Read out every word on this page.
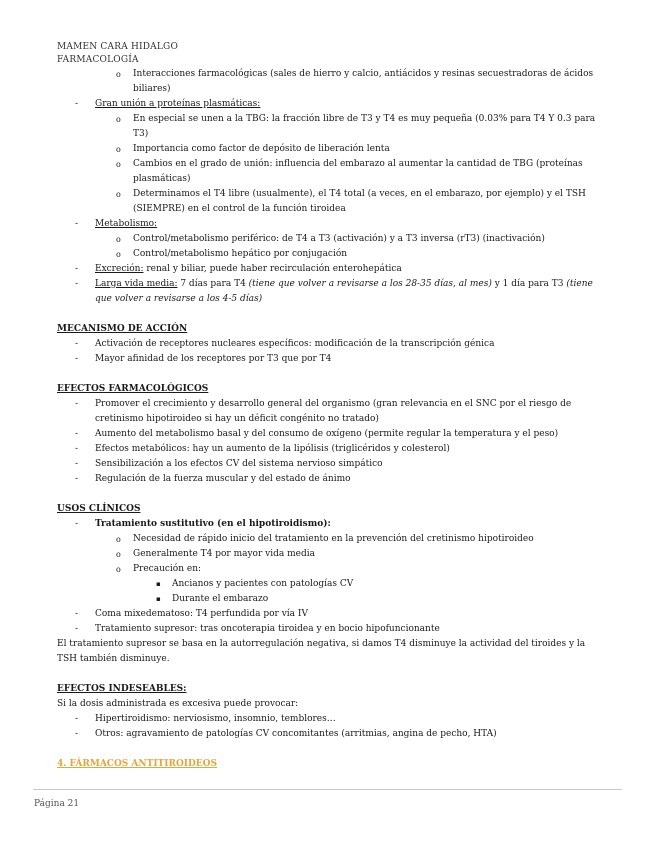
MAMEN CARA HIDALGO
FARMACOLOGÍA
o Interacciones farmacológicas (sales de hierro y calcio, antiácidos y resinas secuestradoras de ácidos biliares)
- Gran unión a proteínas plasmáticas:
o En especial se unen a la TBG: la fracción libre de T3 y T4 es muy pequeña (0.03% para T4 Y 0.3 para T3)
o Importancia como factor de depósito de liberación lenta
o Cambios en el grado de unión: influencia del embarazo al aumentar la cantidad de TBG (proteínas plasmáticas)
o Determinamos el T4 libre (usualmente), el T4 total (a veces, en el embarazo, por ejemplo) y el TSH (SIEMPRE) en el control de la función tiroidea
- Metabolismo:
o Control/metabolismo periférico: de T4 a T3 (activación) y a T3 inversa (rT3) (inactivación)
o Control/metabolismo hepático por conjugación
- Excreción: renal y biliar, puede haber recirculación enterohepática
- Larga vida media: 7 días para T4 (tiene que volver a revisarse a los 28-35 días, al mes) y 1 día para T3 (tiene que volver a revisarse a los 4-5 días)
MECANISMO DE ACCIÓN
- Activación de receptores nucleares específicos: modificación de la transcripción génica
- Mayor afinidad de los receptores por T3 que por T4
EFECTOS FARMACOLÓGICOS
- Promover el crecimiento y desarrollo general del organismo (gran relevancia en el SNC por el riesgo de cretinismo hipotiroideo si hay un déficit congénito no tratado)
- Aumento del metabolismo basal y del consumo de oxígeno (permite regular la temperatura y el peso)
- Efectos metabólicos: hay un aumento de la lipólisis (triglicéridos y colesterol)
- Sensibilización a los efectos CV del sistema nervioso simpático
- Regulación de la fuerza muscular y del estado de ánimo
USOS CLÍNICOS
- Tratamiento sustitutivo (en el hipotiroidismo):
o Necesidad de rápido inicio del tratamiento en la prevención del cretinismo hipotiroideo
o Generalmente T4 por mayor vida media
o Precaución en:
▪ Ancianos y pacientes con patologías CV
▪ Durante el embarazo
- Coma mixedematoso: T4 perfundida por vía IV
- Tratamiento supresor: tras oncoterapia tiroidea y en bocio hipofuncionante
El tratamiento supresor se basa en la autorregulación negativa, si damos T4 disminuye la actividad del tiroides y la TSH también disminuye.
EFECTOS INDESEABLES:
Si la dosis administrada es excesiva puede provocar:
- Hipertiroidismo: nerviosismo, insomnio, temblores…
- Otros: agravamiento de patologías CV concomitantes (arritmias, angina de pecho, HTA)
4. FÁRMACOS ANTITIROIDEOS
Página 21
